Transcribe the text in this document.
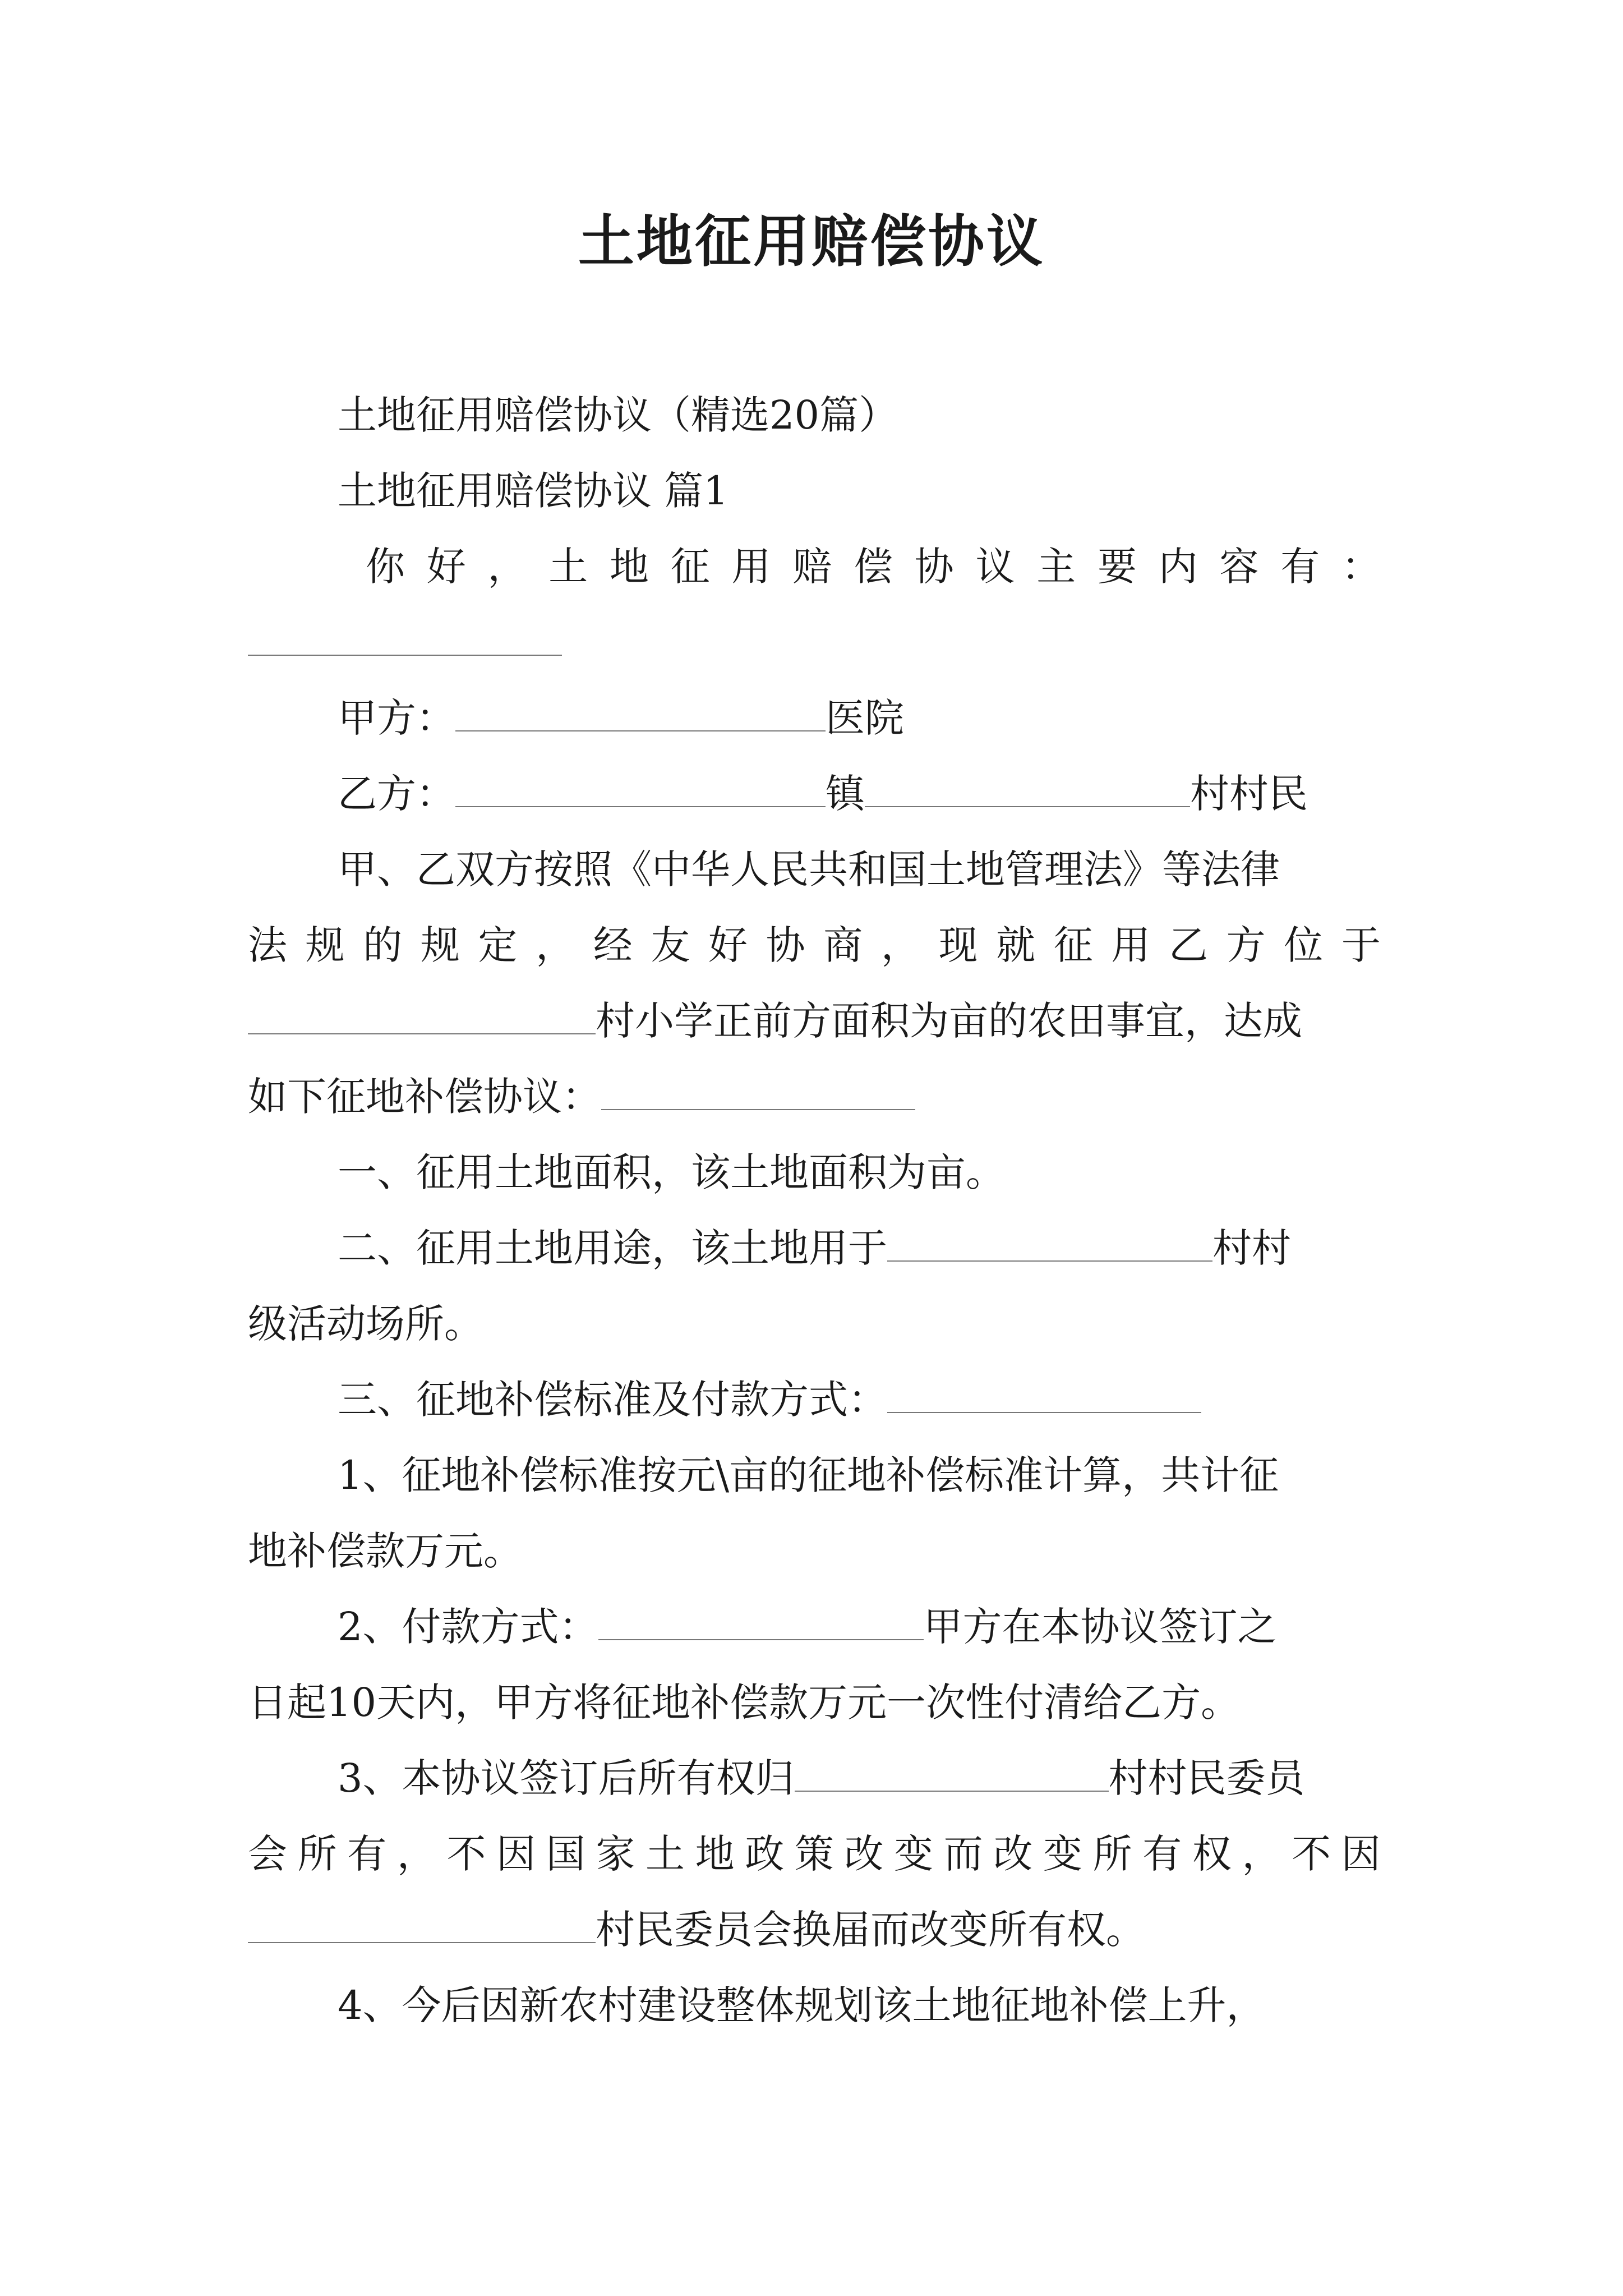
土地征用赔偿协议
土地征用赔偿协议（精选20篇）
土地征用赔偿协议 篇1
你 好 ， 土 地 征 用 赔 偿 协 议 主 要 内 容 有 ：
甲方：	医院
乙方：	镇	村村民
甲、乙双方按照《中华人民共和国土地管理法》等法律
法 规 的 规 定 ， 经 友 好 协 商 ， 现 就 征 用 乙 方 位 于
村小学正前方面积为亩的农田事宜，达成
如下征地补偿协议：
一、征用土地面积，该土地面积为亩。
二、征用土地用途，该土地用于	村村
级活动场所。
三、征地补偿标准及付款方式：
1、征地补偿标准按元\亩的征地补偿标准计算，共计征
地补偿款万元。
2、付款方式：	甲方在本协议签订之
日起10天内，甲方将征地补偿款万元一次性付清给乙方。
3、本协议签订后所有权归	村村民委员
会 所 有 ， 不 因 国 家 土 地 政 策 改 变 而 改 变 所 有 权 ， 不 因
村民委员会换届而改变所有权。
4、今后因新农村建设整体规划该土地征地补偿上升，
